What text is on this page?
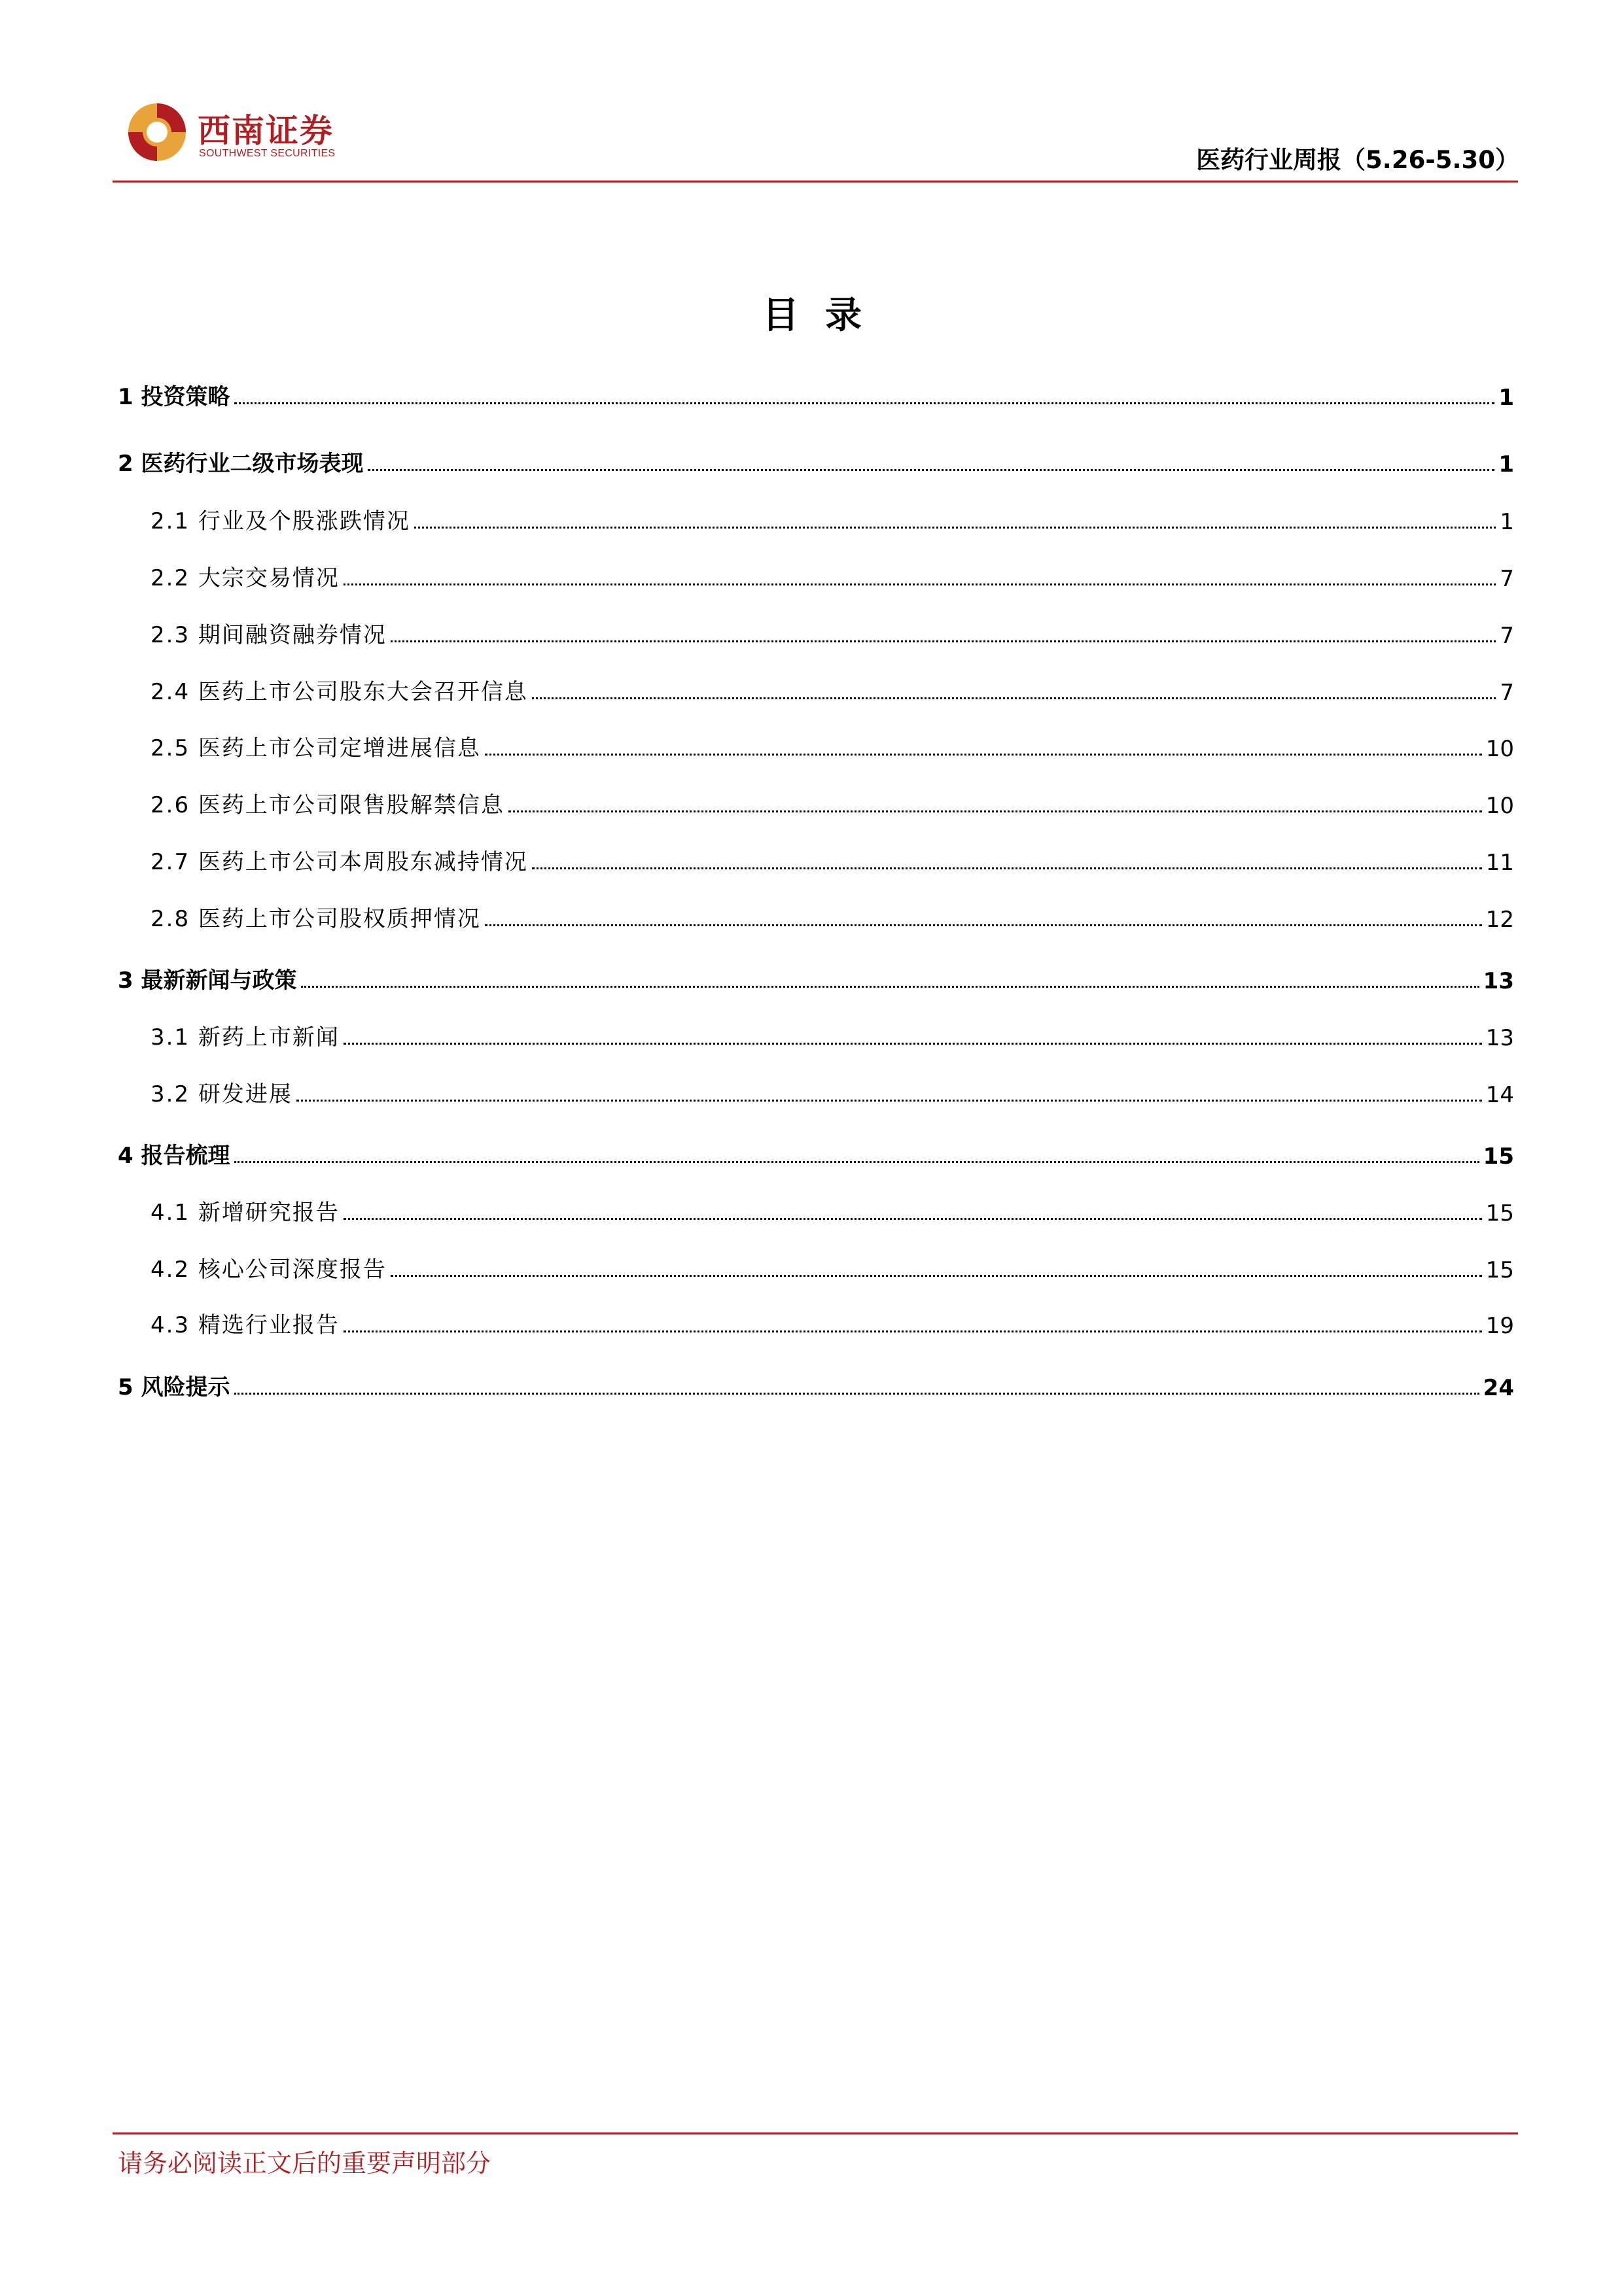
西南证券
SOUTHWEST SECURITIES	医药行业周报（5.26-5.30）
目录
1 投资策略	1
2 医药行业二级市场表现	1
2.1 行业及个股涨跌情况	1
2.2 大宗交易情况	7
2.3 期间融资融券情况	7
2.4 医药上市公司股东大会召开信息	7
2.5 医药上市公司定增进展信息	10
2.6 医药上市公司限售股解禁信息	10
2.7 医药上市公司本周股东减持情况	11
2.8 医药上市公司股权质押情况	12
3 最新新闻与政策	13
3.1 新药上市新闻	13
3.2 研发进展	14
4 报告梳理	15
4.1 新增研究报告	15
4.2 核心公司深度报告	15
4.3 精选行业报告	19
5 风险提示	24
请务必阅读正文后的重要声明部分
